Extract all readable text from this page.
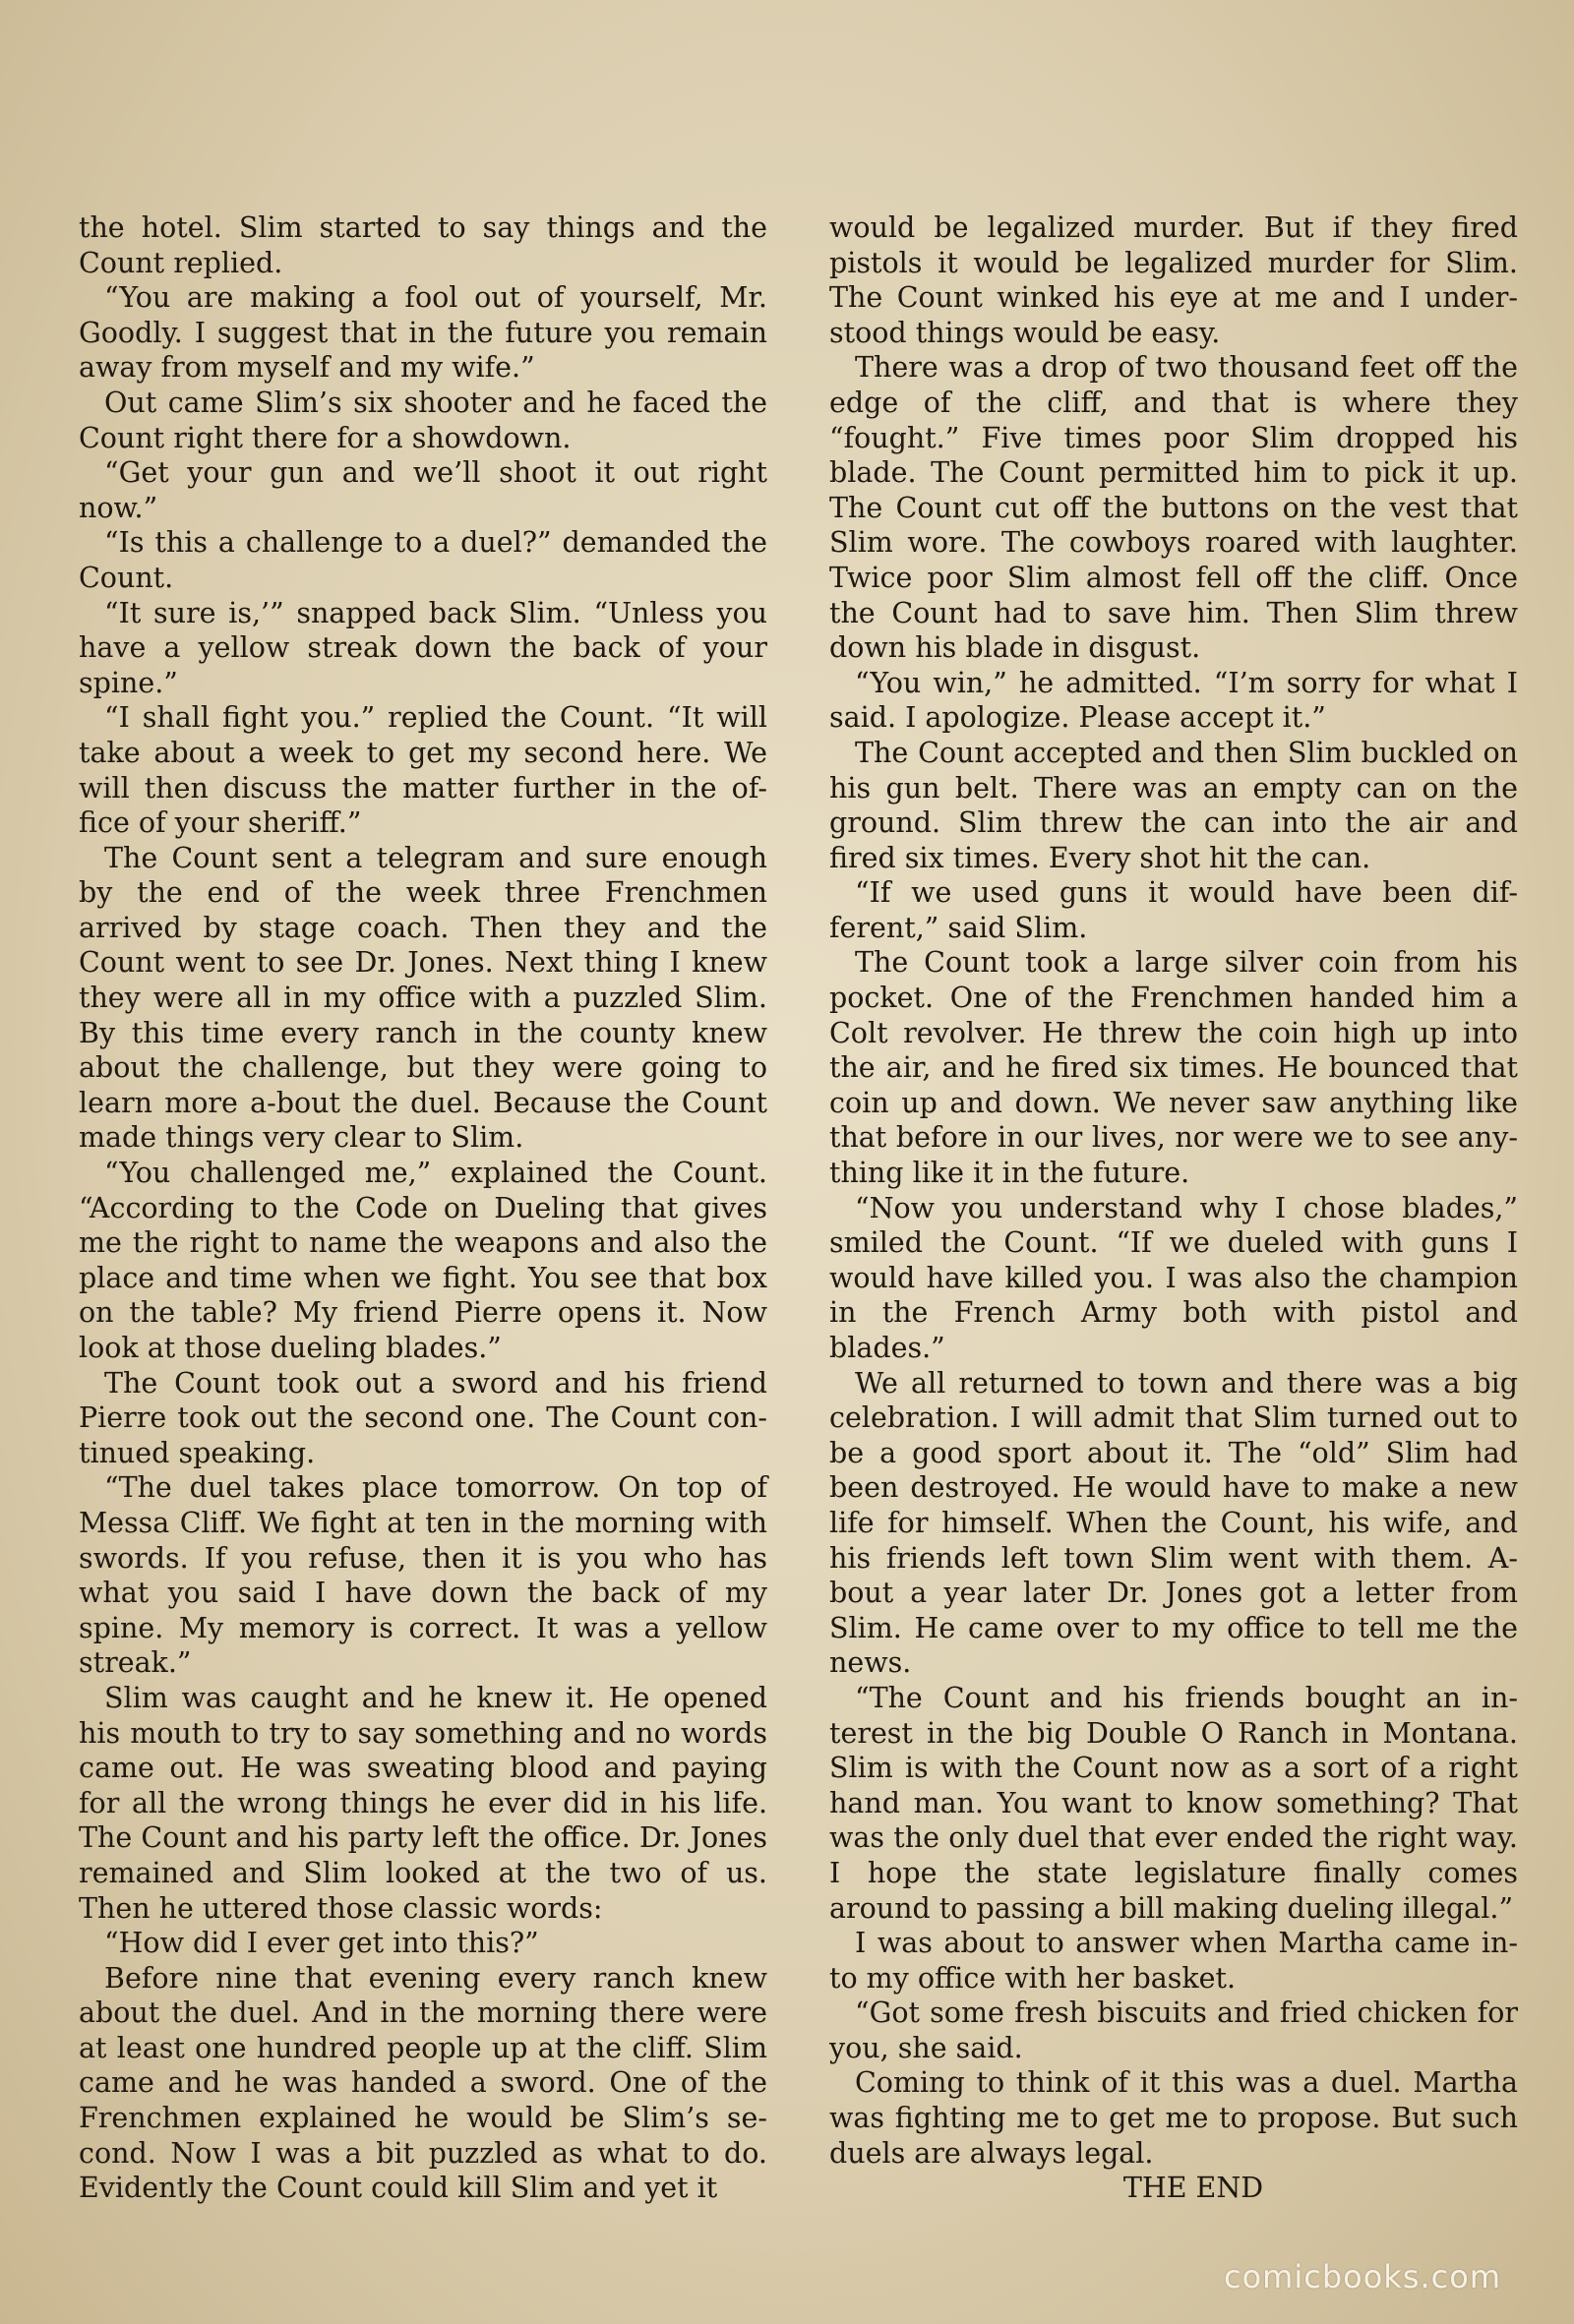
the hotel. Slim started to say things and the Count replied.

“You are making a fool out of yourself, Mr. Goodly. I suggest that in the future you remain away from myself and my wife.”

Out came Slim’s six shooter and he faced the Count right there for a showdown.

“Get your gun and we’ll shoot it out right now.”

“Is this a challenge to a duel?” demanded the Count.

“It sure is,’” snapped back Slim. “Unless you have a yellow streak down the back of your spine.”

“I shall fight you.” replied the Count. “It will take about a week to get my second here. We will then discuss the matter further in the of-fice of your sheriff.”

The Count sent a telegram and sure enough by the end of the week three Frenchmen arrived by stage coach. Then they and the Count went to see Dr. Jones. Next thing I knew they were all in my office with a puzzled Slim. By this time every ranch in the county knew about the challenge, but they were going to learn more a-bout the duel. Because the Count made things very clear to Slim.

“You challenged me,” explained the Count. “According to the Code on Dueling that gives me the right to name the weapons and also the place and time when we fight. You see that box on the table? My friend Pierre opens it. Now look at those dueling blades.”

The Count took out a sword and his friend Pierre took out the second one. The Count con-tinued speaking.

“The duel takes place tomorrow. On top of Messa Cliff. We fight at ten in the morning with swords. If you refuse, then it is you who has what you said I have down the back of my spine. My memory is correct. It was a yellow streak.”

Slim was caught and he knew it. He opened his mouth to try to say something and no words came out. He was sweating blood and paying for all the wrong things he ever did in his life. The Count and his party left the office. Dr. Jones remained and Slim looked at the two of us. Then he uttered those classic words:

“How did I ever get into this?”

Before nine that evening every ranch knew about the duel. And in the morning there were at least one hundred people up at the cliff. Slim came and he was handed a sword. One of the Frenchmen explained he would be Slim’s se-cond. Now I was a bit puzzled as what to do. Evidently the Count could kill Slim and yet it

would be legalized murder. But if they fired pistols it would be legalized murder for Slim. The Count winked his eye at me and I under-stood things would be easy.

There was a drop of two thousand feet off the edge of the cliff, and that is where they “fought.” Five times poor Slim dropped his blade. The Count permitted him to pick it up. The Count cut off the buttons on the vest that Slim wore. The cowboys roared with laughter. Twice poor Slim almost fell off the cliff. Once the Count had to save him. Then Slim threw down his blade in disgust.

“You win,” he admitted. “I’m sorry for what I said. I apologize. Please accept it.”

The Count accepted and then Slim buckled on his gun belt. There was an empty can on the ground. Slim threw the can into the air and fired six times. Every shot hit the can.

“If we used guns it would have been dif-ferent,” said Slim.

The Count took a large silver coin from his pocket. One of the Frenchmen handed him a Colt revolver. He threw the coin high up into the air, and he fired six times. He bounced that coin up and down. We never saw anything like that before in our lives, nor were we to see any-thing like it in the future.

“Now you understand why I chose blades,” smiled the Count. “If we dueled with guns I would have killed you. I was also the champion in the French Army both with pistol and blades.”

We all returned to town and there was a big celebration. I will admit that Slim turned out to be a good sport about it. The “old” Slim had been destroyed. He would have to make a new life for himself. When the Count, his wife, and his friends left town Slim went with them. A-bout a year later Dr. Jones got a letter from Slim. He came over to my office to tell me the news.

“The Count and his friends bought an in-terest in the big Double O Ranch in Montana. Slim is with the Count now as a sort of a right hand man. You want to know something? That was the only duel that ever ended the right way. I hope the state legislature finally comes around to passing a bill making dueling illegal.”

I was about to answer when Martha came in-to my office with her basket.

“Got some fresh biscuits and fried chicken for you, she said.

Coming to think of it this was a duel. Martha was fighting me to get me to propose. But such duels are always legal.

THE END

comicbooks.com
